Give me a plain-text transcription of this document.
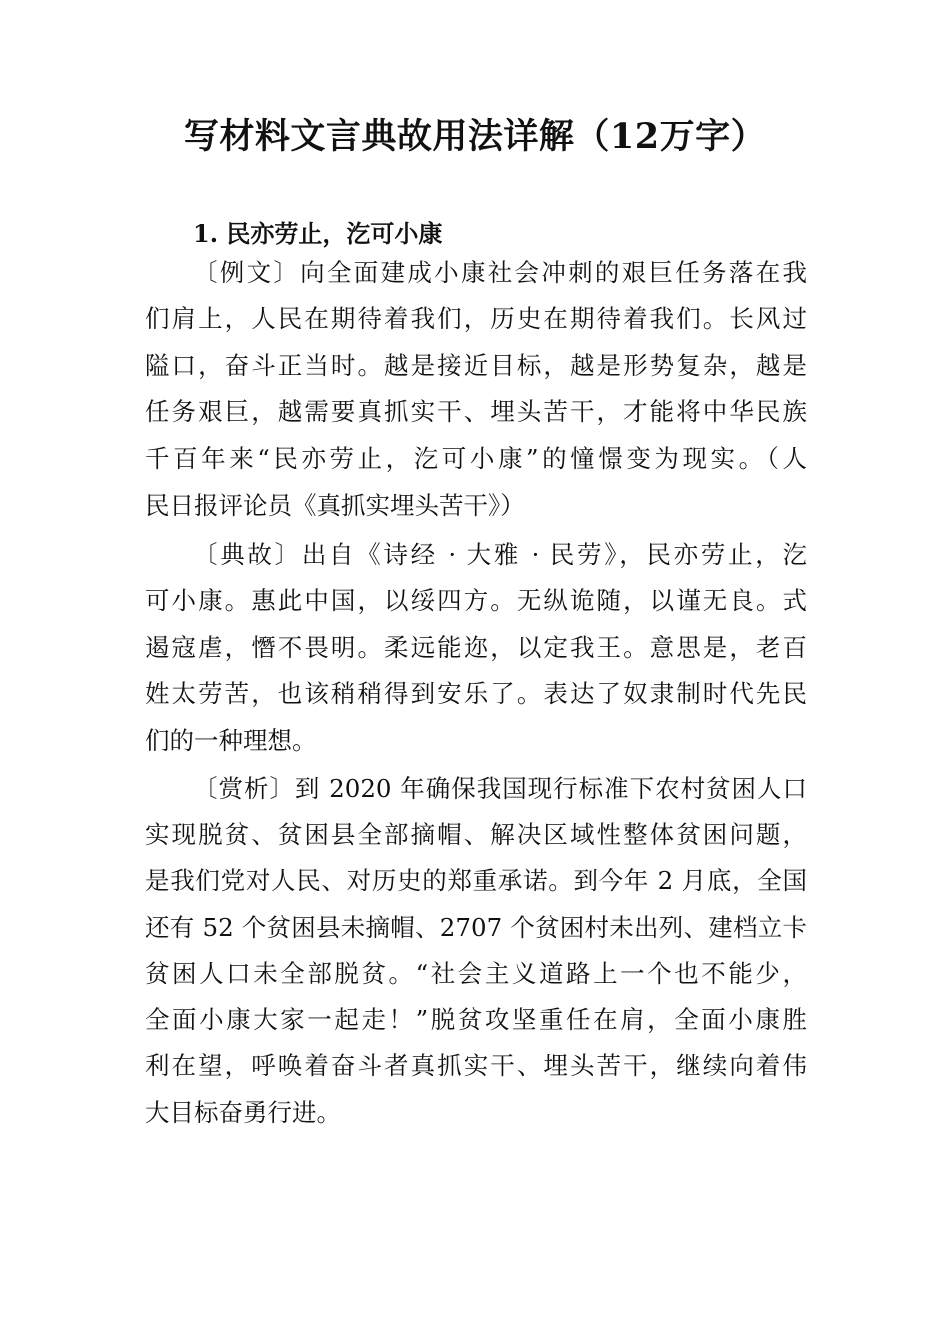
写材料文言典故用法详解（12万字）
1. 民亦劳止，汔可小康

〔例文〕向全面建成小康社会冲刺的艰巨任务落在我

们肩上，人民在期待着我们，历史在期待着我们。长风过

隘口，奋斗正当时。越是接近目标，越是形势复杂，越是

任务艰巨，越需要真抓实干、埋头苦干，才能将中华民族

千百年来“民亦劳止，汔可小康”的憧憬变为现实。（人

民日报评论员《真抓实埋头苦干》）

〔典故〕出自《诗经 · 大雅 · 民劳》，民亦劳止，汔

可小康。惠此中国，以绥四方。无纵诡随，以谨无良。式

遏寇虐，憯不畏明。柔远能迩，以定我王。意思是，老百

姓太劳苦，也该稍稍得到安乐了。表达了奴隶制时代先民

们的一种理想。

〔赏析〕到 2020 年确保我国现行标准下农村贫困人口

实现脱贫、贫困县全部摘帽、解决区域性整体贫困问题，

是我们党对人民、对历史的郑重承诺。到今年 2 月底，全国

还有 52 个贫困县未摘帽、2707 个贫困村未出列、建档立卡

贫困人口未全部脱贫。“社会主义道路上一个也不能少，

全面小康大家一起走！”脱贫攻坚重任在肩，全面小康胜

利在望，呼唤着奋斗者真抓实干、埋头苦干，继续向着伟

大目标奋勇行进。
